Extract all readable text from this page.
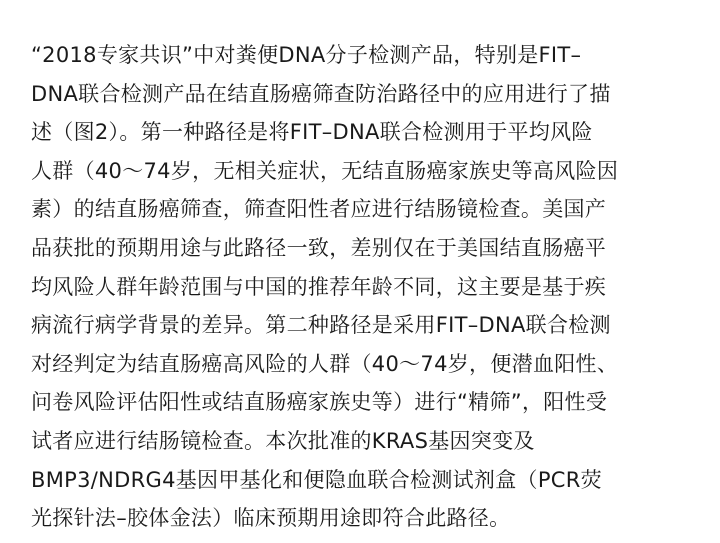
“2018专家共识”中对粪便DNA分子检测产品，特别是FIT–
DNA联合检测产品在结直肠癌筛查防治路径中的应用进行了描
述（图2）。第一种路径是将FIT–DNA联合检测用于平均风险
人群（40～74岁，无相关症状，无结直肠癌家族史等高风险因
素）的结直肠癌筛查，筛查阳性者应进行结肠镜检查。美国产
品获批的预期用途与此路径一致，差别仅在于美国结直肠癌平
均风险人群年龄范围与中国的推荐年龄不同，这主要是基于疾
病流行病学背景的差异。第二种路径是采用FIT–DNA联合检测
对经判定为结直肠癌高风险的人群（40～74岁，便潜血阳性、
问卷风险评估阳性或结直肠癌家族史等）进行“精筛”，阳性受
试者应进行结肠镜检查。本次批准的KRAS基因突变及
BMP3/NDRG4基因甲基化和便隐血联合检测试剂盒（PCR荧
光探针法–胶体金法）临床预期用途即符合此路径。
